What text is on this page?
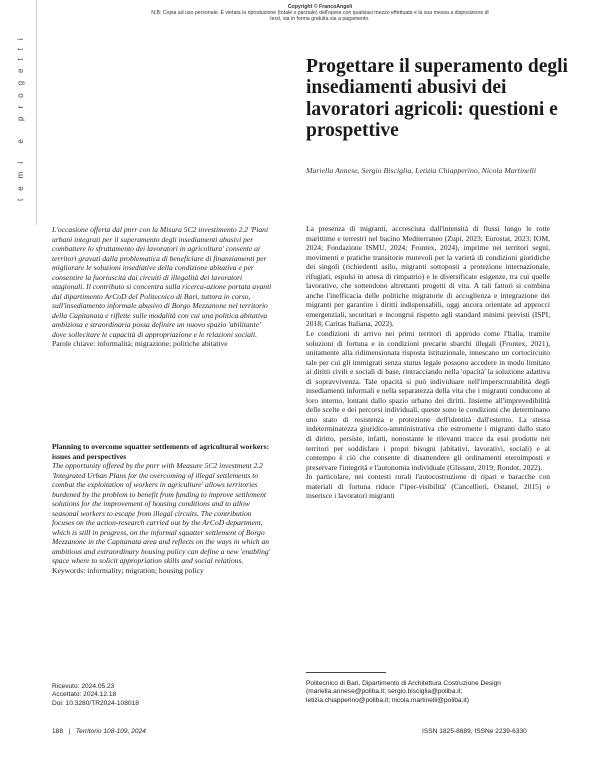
Copyright © FrancoAngeli
N.B: Copia ad uso personale. È vietata la riproduzione (totale o parziale) dell'opera con qualsiasi mezzo effettuata e la sua messa a disposizione di terzi, sia in forma gratuita sia a pagamento.
temi e progetti	Progettare il superamento degli insediamenti abusivi dei lavoratori agricoli: questioni e prospettive
Mariella Annese, Sergio Bisciglia, Letizia Chiapperino, Nicola Martinelli
L'occasione offerta dal pnrr con la Misura 5C2 investimento 2.2 'Piani urbani integrati per il superamento degli insediamenti abusivi per combattere lo sfruttamento dei lavoratori in agricoltura' consente ai territori gravati dalla problematica di beneficiare di finanziamenti per migliorare le soluzioni insediative della condizione abitativa e per consentire la fuoriuscita dai circuiti di illegalità dei lavoratori stagionali. Il contributo si concentra sulla ricerca-azione portata avanti dal dipartimento ArCoD del Politecnico di Bari, tuttora in corso, sull'insediamento informale abusivo di Borgo Mezzanone nel territorio della Capitanata e riflette sulle modalità con cui una politica abitativa ambiziosa e straordinaria possa definire un nuovo spazio 'abilitante' dove sollecitare le capacità di appropriazione e le relazioni sociali.
Parole chiave: informalità; migrazione; politiche abitative
Planning to overcome squatter settlements of agricultural workers: issues and perspectives
The opportunity offered by the pnrr with Measure 5C2 investment 2.2 'Integrated Urban Plans for the overcoming of illegal settlements to combat the exploitation of workers in agriculture' allows territories burdened by the problem to benefit from funding to improve settlement solutions for the improvement of housing conditions and to allow seasonal workers to escape from illegal circuits. The contribution focuses on the action-research carried out by the ArCoD department, which is still in progress, on the informal squatter settlement of Borgo Mezzanone in the Capitanata area and reflects on the ways in which an ambitious and extraordinary housing policy can define a new 'enabling' space where to solicit appropriation skills and social relations.
Keywords: informality; migration; housing policy

La presenza di migranti, accresciuta dall'intensità di flussi lungo le rotte marittime e terrestri nel bacino Mediterraneo (Zupi, 2023; Eurostat, 2023; IOM, 2024; Fondazione ISMU, 2024; Frontex, 2024), imprime nei territori segni, movimenti e pratiche transitorie mutevoli per la varietà di condizioni giuridiche dei singoli (richiedenti asilo, migranti sottoposti a protezione internazionale, rifugiati, espulsi in attesa di rimpatrio) e le diversificate esigenze, tra cui quelle lavorative, che sottendono altrettanti progetti di vita. A tali fattori si combina anche l'inefficacia delle politiche migratorie di accoglienza e integrazione dei migranti per garantire i diritti indispensabili, oggi ancora orientate ad approcci emergenziali, securitari e incongrui rispetto agli standard minimi previsti (ISPI, 2018; Caritas Italiana, 2022).

Le condizioni di arrivo nei primi territori di approdo come l'Italia, tramite soluzioni di fortuna e in condizioni precarie sbarchi illegali (Frontex, 2021), unitamente alla ridimensionata risposta istituzionale, innescano un cortocircuito tale per cui gli immigrati senza status legale possono accedere in modo limitato ai diritti civili e sociali di base, rintracciando nella 'opacità' la soluzione adattiva di sopravvivenza. Tale opacità si può individuare nell'imperscrutabilità degli insediamenti informali e nella separatezza della vita che i migranti conducono al loro interno, lontani dallo spazio urbano dei diritti. Insieme all'imprevedibilità delle scelte e dei percorsi individuali, queste sono le condizioni che determinano uno stato di resistenza e protezione dell'identità dall'esterno. La stessa indeterminatezza giuridico-amministrativa che estromette i migranti dallo stato di diritto, persiste, infatti, nonostante le rilevanti tracce da essi prodotte nei territori per soddisfare i propri bisogni (abitativi, lavorativi, sociali) e al contempo è ciò che consente di disattendere gli ordinamenti eteroimposti e preservare l'integrità e l'autonomia individuale (Glissant, 2019; Rondot, 2022).

In particolare, nei contesti rurali l'autocostruzione di ripari e baracche con materiali di fortuna riduce l''iper-visibilità' (Cancellieri, Ostanel, 2015) e inserisce i lavoratori migranti

Ricevuto: 2024.05.23
Accettato: 2024.12.18
Doi: 10.3280/TR2024-108018
Politecnico di Bari, Dipartimento di Architettura Costruzione Design
(mariella.annese@poliba.it; sergio.bisciglia@poliba.it;
letizia.chiapperino@poliba.it; nicola.martinelli@poliba.it)
188   |   Territorio 108-109, 2024	ISSN 1825-8689, ISSNe 2239-6330
